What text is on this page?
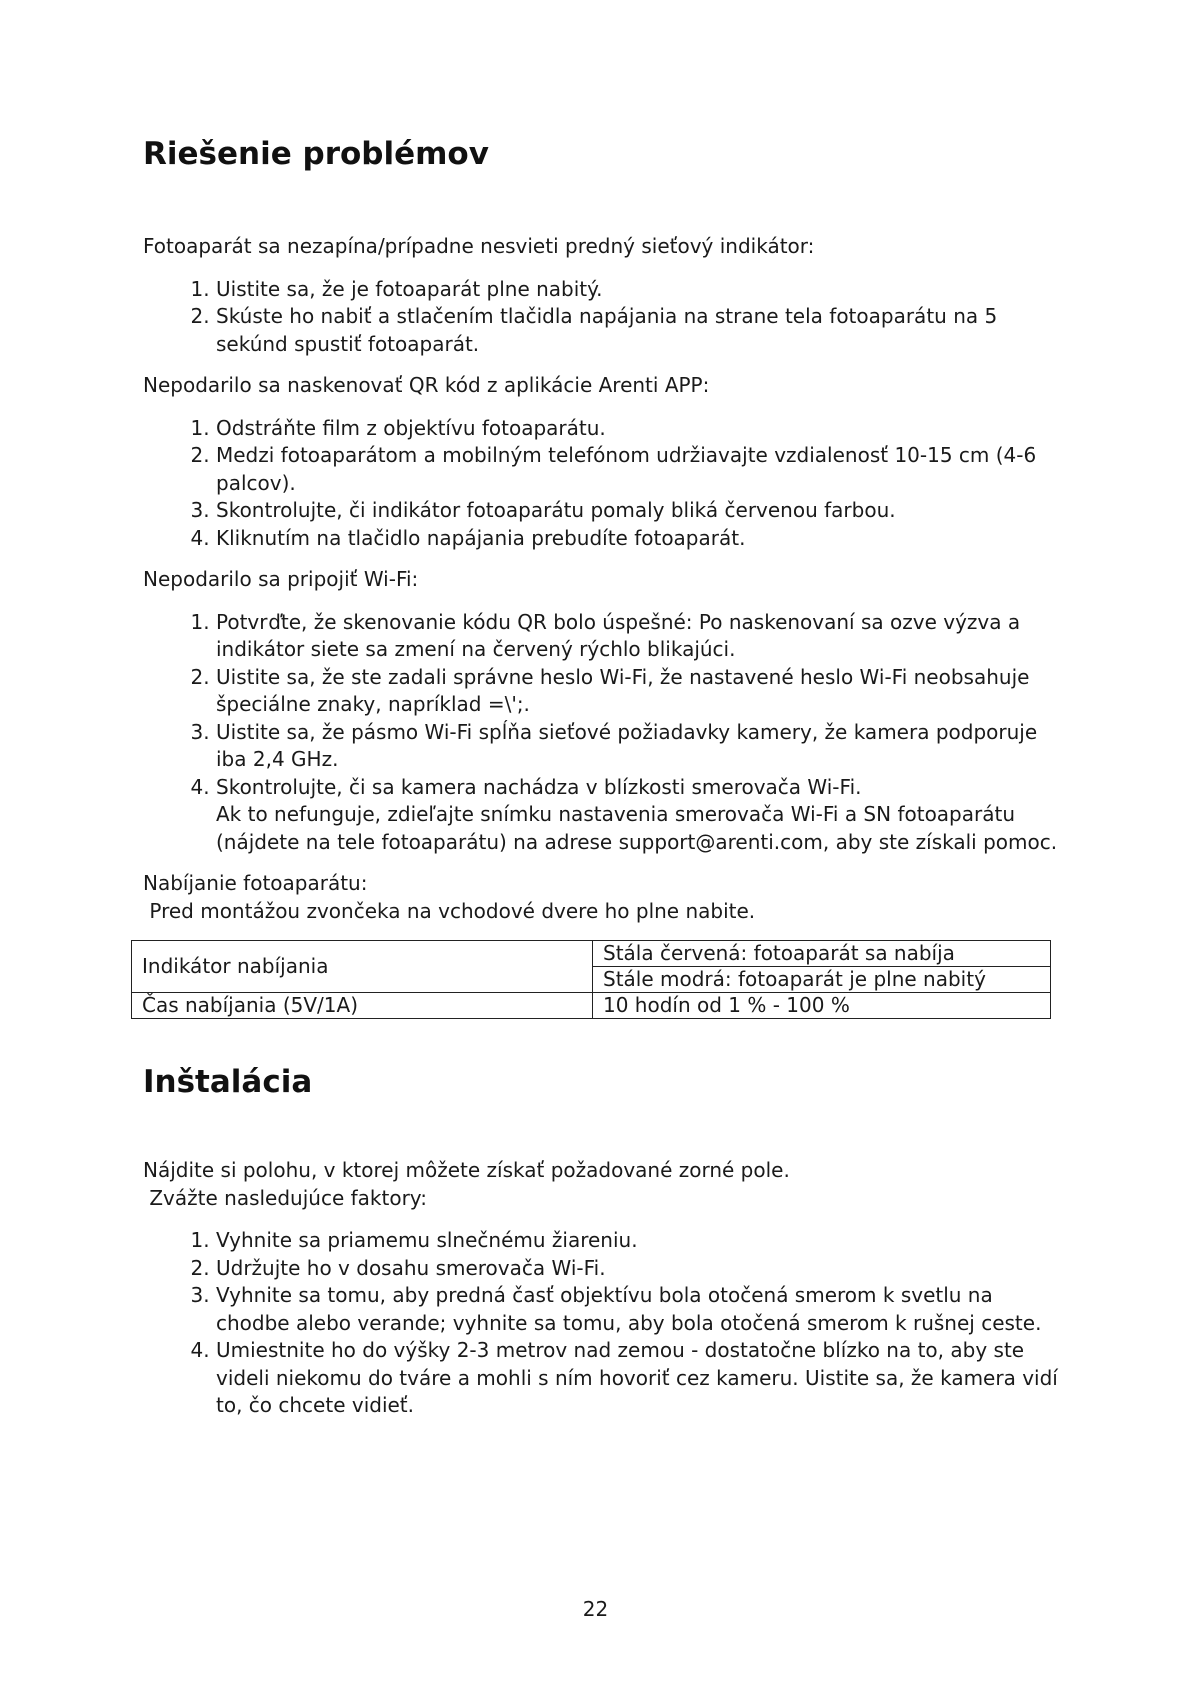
Riešenie problémov

Fotoaparát sa nezapína/prípadne nesvieti predný sieťový indikátor:

1. Uistite sa, že je fotoaparát plne nabitý.
2. Skúste ho nabiť a stlačením tlačidla napájania na strane tela fotoaparátu na 5 sekúnd spustiť fotoaparát.

Nepodarilo sa naskenovať QR kód z aplikácie Arenti APP:

1. Odstráňte film z objektívu fotoaparátu.
2. Medzi fotoaparátom a mobilným telefónom udržiavajte vzdialenosť 10-15 cm (4-6 palcov).
3. Skontrolujte, či indikátor fotoaparátu pomaly bliká červenou farbou.
4. Kliknutím na tlačidlo napájania prebudíte fotoaparát.

Nepodarilo sa pripojiť Wi-Fi:

1. Potvrďte, že skenovanie kódu QR bolo úspešné: Po naskenovaní sa ozve výzva a indikátor siete sa zmení na červený rýchlo blikajúci.
2. Uistite sa, že ste zadali správne heslo Wi-Fi, že nastavené heslo Wi-Fi neobsahuje špeciálne znaky, napríklad =\';.
3. Uistite sa, že pásmo Wi-Fi spĺňa sieťové požiadavky kamery, že kamera podporuje iba 2,4 GHz.
4. Skontrolujte, či sa kamera nachádza v blízkosti smerovača Wi-Fi.
Ak to nefunguje, zdieľajte snímku nastavenia smerovača Wi-Fi a SN fotoaparátu (nájdete na tele fotoaparátu) na adrese support@arenti.com, aby ste získali pomoc.

Nabíjanie fotoaparátu:

Pred montážou zvončeka na vchodové dvere ho plne nabite.

Indikátor nabíjania	Stála červená: fotoaparát sa nabíja
	Stále modrá: fotoaparát je plne nabitý
Čas nabíjania (5V/1A)	10 hodín od 1 % - 100 %
Inštalácia

Nájdite si polohu, v ktorej môžete získať požadované zorné pole.

Zvážte nasledujúce faktory:

1. Vyhnite sa priamemu slnečnému žiareniu.
2. Udržujte ho v dosahu smerovača Wi-Fi.
3. Vyhnite sa tomu, aby predná časť objektívu bola otočená smerom k svetlu na chodbe alebo verande; vyhnite sa tomu, aby bola otočená smerom k rušnej ceste.
4. Umiestnite ho do výšky 2-3 metrov nad zemou - dostatočne blízko na to, aby ste videli niekomu do tváre a mohli s ním hovoriť cez kameru. Uistite sa, že kamera vidí to, čo chcete vidieť.
22
